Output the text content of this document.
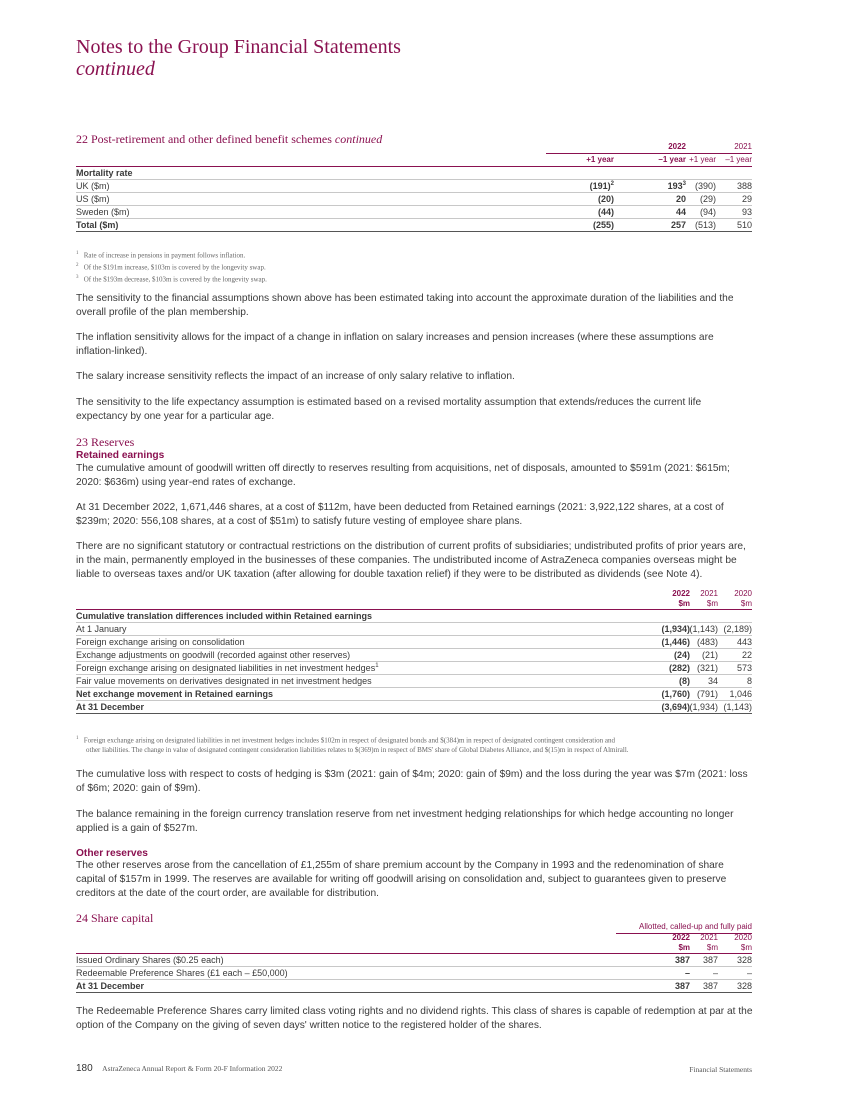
Notes to the Group Financial Statements
continued
22 Post-retirement and other defined benefit schemes continued
2022	2021
+1 year	–1 year +1 year	–1 year
Mortality rate
UK ($m)	$(191)^2$	$193^3$ (390)	388
US ($m)	(20)	20	(29)	29
Sweden ($m)	(44)	44	(94)	93
Total ($m)	(255)	257 (513)	510
$^1$ Rate of increase in pensions in payment follows inflation.
$^2$ Of the $191m increase, $103m is covered by the longevity swap.
$^3$ Of the $193m decrease, $103m is covered by the longevity swap.
The sensitivity to the financial assumptions shown above has been estimated taking into account the approximate duration of the liabilities and the overall profile of the plan membership.
The inflation sensitivity allows for the impact of a change in inflation on salary increases and pension increases (where these assumptions are inflation-linked).
The salary increase sensitivity reflects the impact of an increase of only salary relative to inflation.
The sensitivity to the life expectancy assumption is estimated based on a revised mortality assumption that extends/reduces the current life expectancy by one year for a particular age.
23 Reserves
Retained earnings
The cumulative amount of goodwill written off directly to reserves resulting from acquisitions, net of disposals, amounted to $591m (2021: $615m; 2020: $636m) using year-end rates of exchange.
At 31 December 2022, 1,671,446 shares, at a cost of $112m, have been deducted from Retained earnings (2021: 3,922,122 shares, at a cost of $239m; 2020: 556,108 shares, at a cost of $51m) to satisfy future vesting of employee share plans.
There are no significant statutory or contractual restrictions on the distribution of current profits of subsidiaries; undistributed profits of prior years are, in the main, permanently employed in the businesses of these companies. The undistributed income of AstraZeneca companies overseas might be liable to overseas taxes and/or UK taxation (after allowing for double taxation relief) if they were to be distributed as dividends (see Note 4).
2022
$m
2021
$m
2020
$m
Cumulative translation differences included within Retained earnings
At 1 January	(1,934) (1,143) (2,189)
Foreign exchange arising on consolidation	(1,446) (483)	443
Exchange adjustments on goodwill (recorded against other reserves)	(24)	(21)	22
Foreign exchange arising on designated liabilities in net investment hedges$^1$	(282) (321)	573
Fair value movements on derivatives designated in net investment hedges	(8)	34	8
Net exchange movement in Retained earnings	(1,760) (791)	1,046
At 31 December	(3,694) (1,934) (1,143)
$^1$ Foreign exchange arising on designated liabilities in net investment hedges includes $102m in respect of designated bonds and $(384)m in respect of designated contingent consideration and
other liabilities. The change in value of designated contingent consideration liabilities relates to $(369)m in respect of BMS' share of Global Diabetes Alliance, and $(15)m in respect of Almirall.
The cumulative loss with respect to costs of hedging is $3m (2021: gain of $4m; 2020: gain of $9m) and the loss during the year was $7m (2021: loss of $6m; 2020: gain of $9m).
The balance remaining in the foreign currency translation reserve from net investment hedging relationships for which hedge accounting no longer applied is a gain of $527m.
Other reserves
The other reserves arose from the cancellation of £1,255m of share premium account by the Company in 1993 and the redenomination of share capital of $157m in 1999. The reserves are available for writing off goodwill arising on consolidation and, subject to guarantees given to preserve creditors at the date of the court order, are available for distribution.
24 Share capital
Allotted, called-up and fully paid
2022
$m
2021
$m
2020
$m
Issued Ordinary Shares ($0.25 each)	387	387	328
Redeemable Preference Shares (£1 each – £50,000)	–	–	–
At 31 December	387	387	328
The Redeemable Preference Shares carry limited class voting rights and no dividend rights. This class of shares is capable of redemption at par at the option of the Company on the giving of seven days' written notice to the registered holder of the shares.
180 AstraZeneca Annual Report & Form 20-F Information 2022	Financial Statements
